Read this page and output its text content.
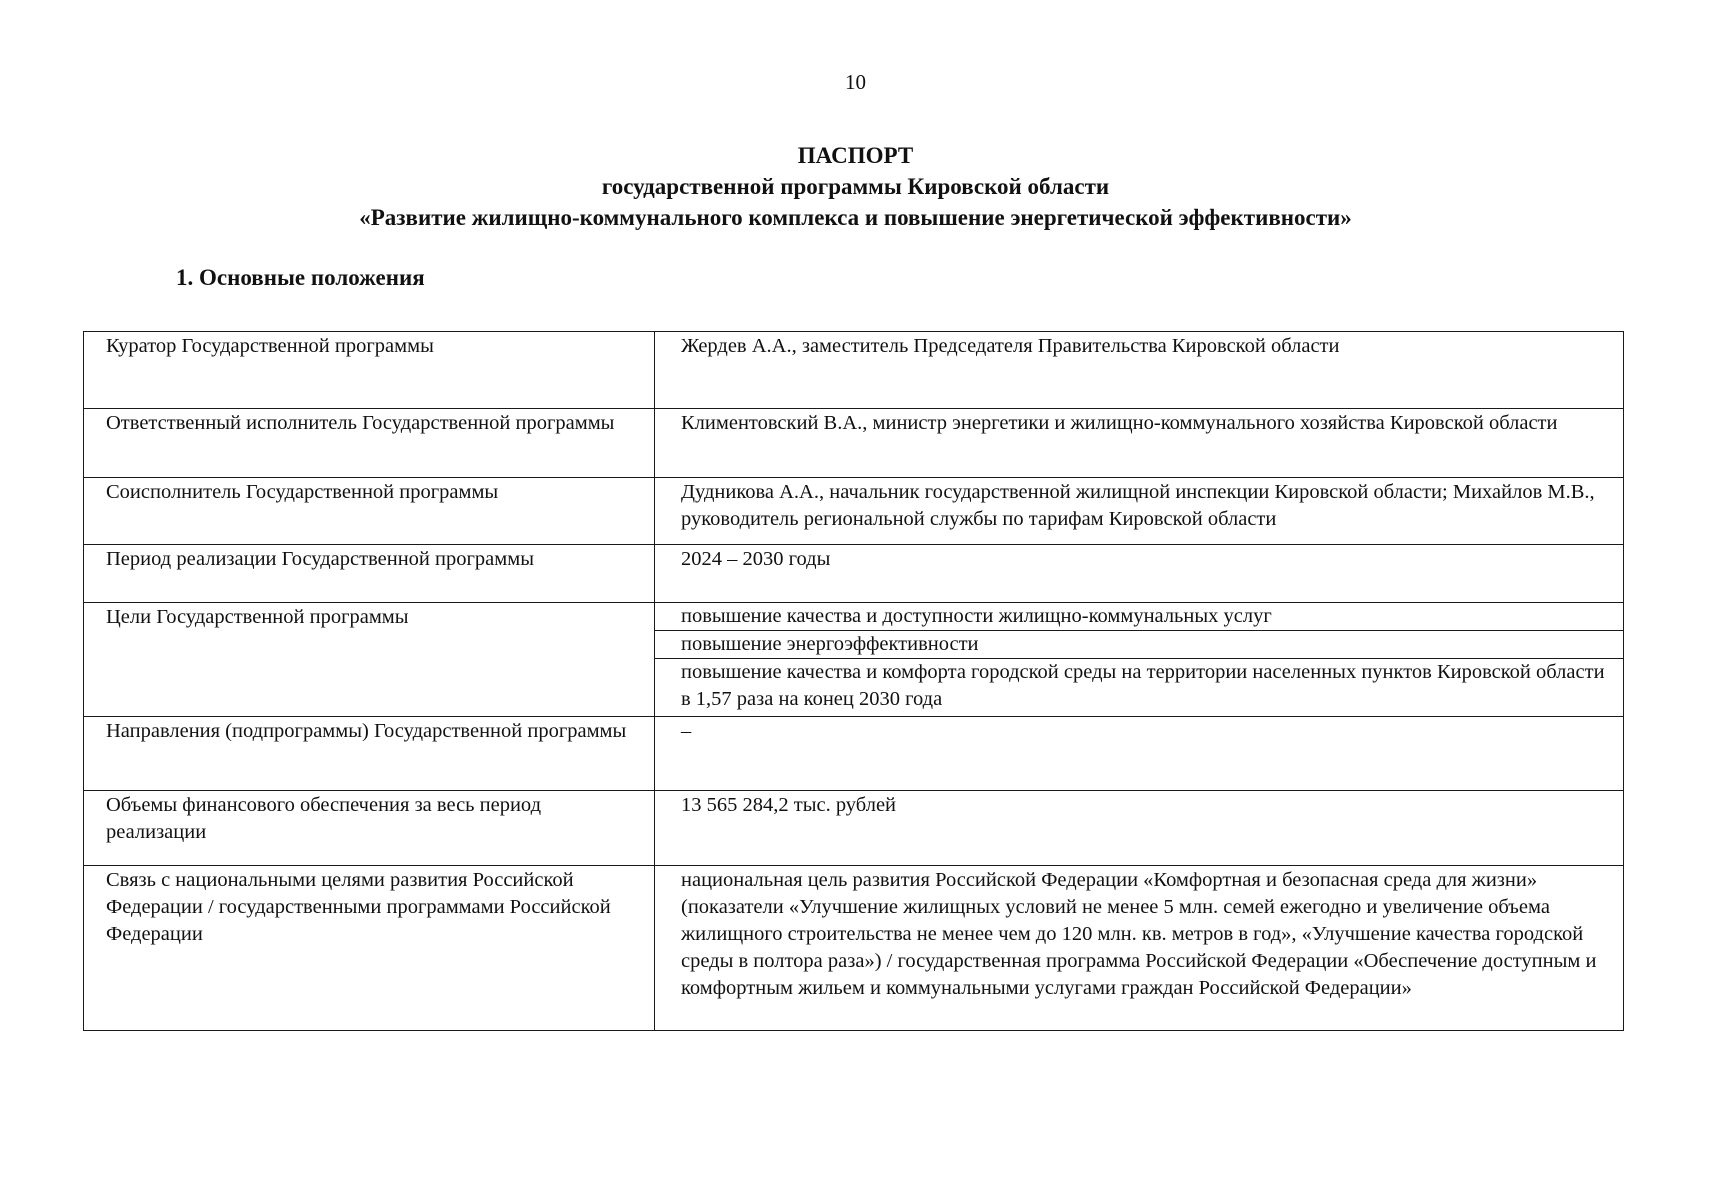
10
ПАСПОРТ
государственной программы Кировской области
«Развитие жилищно-коммунального комплекса и повышение энергетической эффективности»
1. Основные положения
Куратор Государственной программы	Жердев А.А., заместитель Председателя Правительства Кировской области
Ответственный исполнитель Государственной программы	Климентовский В.А., министр энергетики и жилищно-коммунального хозяйства Кировской области
Соисполнитель Государственной программы	Дудникова А.А., начальник государственной жилищной инспекции Кировской области; Михайлов М.В., руководитель региональной службы по тарифам Кировской области
Период реализации Государственной программы	2024 – 2030 годы
Цели Государственной программы	повышение качества и доступности жилищно-коммунальных услуг
повышение энергоэффективности
повышение качества и комфорта городской среды на территории населенных пунктов Кировской области в 1,57 раза на конец 2030 года

Направления (подпрограммы) Государственной программы	–
Объемы финансового обеспечения за весь период реализации	13 565 284,2 тыс. рублей
Связь с национальными целями развития Российской Федерации / государственными программами Российской Федерации	национальная цель развития Российской Федерации «Комфортная и безопасная среда для жизни» (показатели «Улучшение жилищных условий не менее 5 млн. семей ежегодно и увеличение объема жилищного строительства не менее чем до 120 млн. кв. метров в год», «Улучшение качества городской среды в полтора раза») / государственная программа Российской Федерации «Обеспечение доступным и комфортным жильем и коммунальными услугами граждан Российской Федерации»
